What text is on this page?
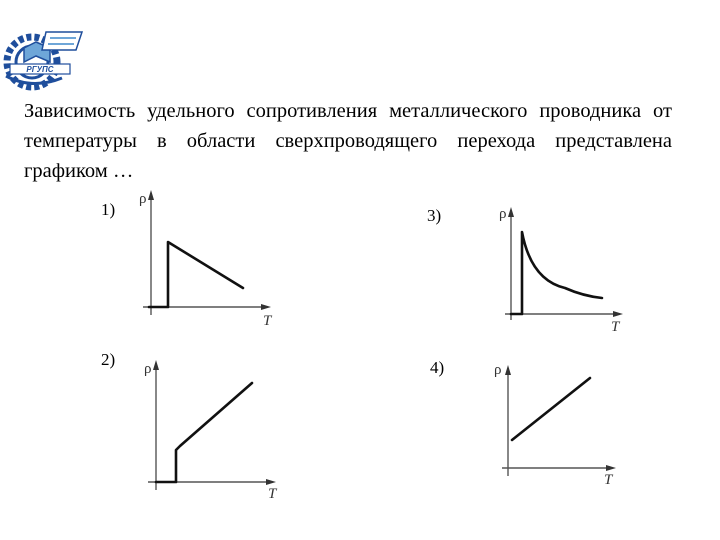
РГУПС

Зависимость удельного сопротивления металлического проводника от температуры в области сверхпроводящего перехода представлена графиком …

1)
2)
3)
4)
ρ
T
ρ
T
ρ
T
ρ
T
